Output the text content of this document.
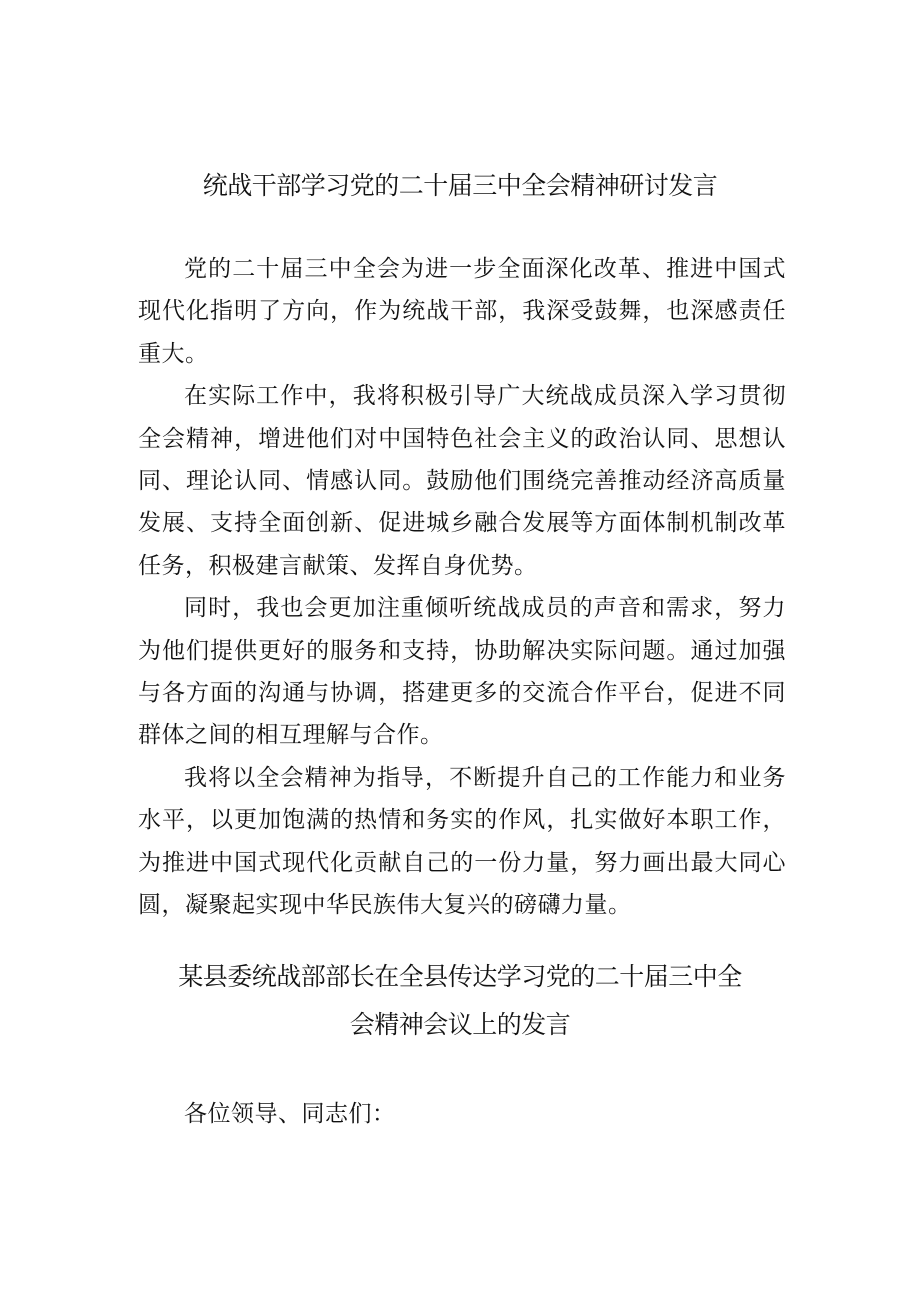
统战干部学习党的二十届三中全会精神研讨发言

党的二十届三中全会为进一步全面深化改革、推进中国式现代化指明了方向，作为统战干部，我深受鼓舞，也深感责任重大。

在实际工作中，我将积极引导广大统战成员深入学习贯彻全会精神，增进他们对中国特色社会主义的政治认同、思想认同、理论认同、情感认同。鼓励他们围绕完善推动经济高质量发展、支持全面创新、促进城乡融合发展等方面体制机制改革任务，积极建言献策、发挥自身优势。

同时，我也会更加注重倾听统战成员的声音和需求，努力为他们提供更好的服务和支持，协助解决实际问题。通过加强与各方面的沟通与协调，搭建更多的交流合作平台，促进不同群体之间的相互理解与合作。

我将以全会精神为指导，不断提升自己的工作能力和业务水平，以更加饱满的热情和务实的作风，扎实做好本职工作，为推进中国式现代化贡献自己的一份力量，努力画出最大同心圆，凝聚起实现中华民族伟大复兴的磅礴力量。

某县委统战部部长在全县传达学习党的二十届三中全
会精神会议上的发言
各位领导、同志们：
